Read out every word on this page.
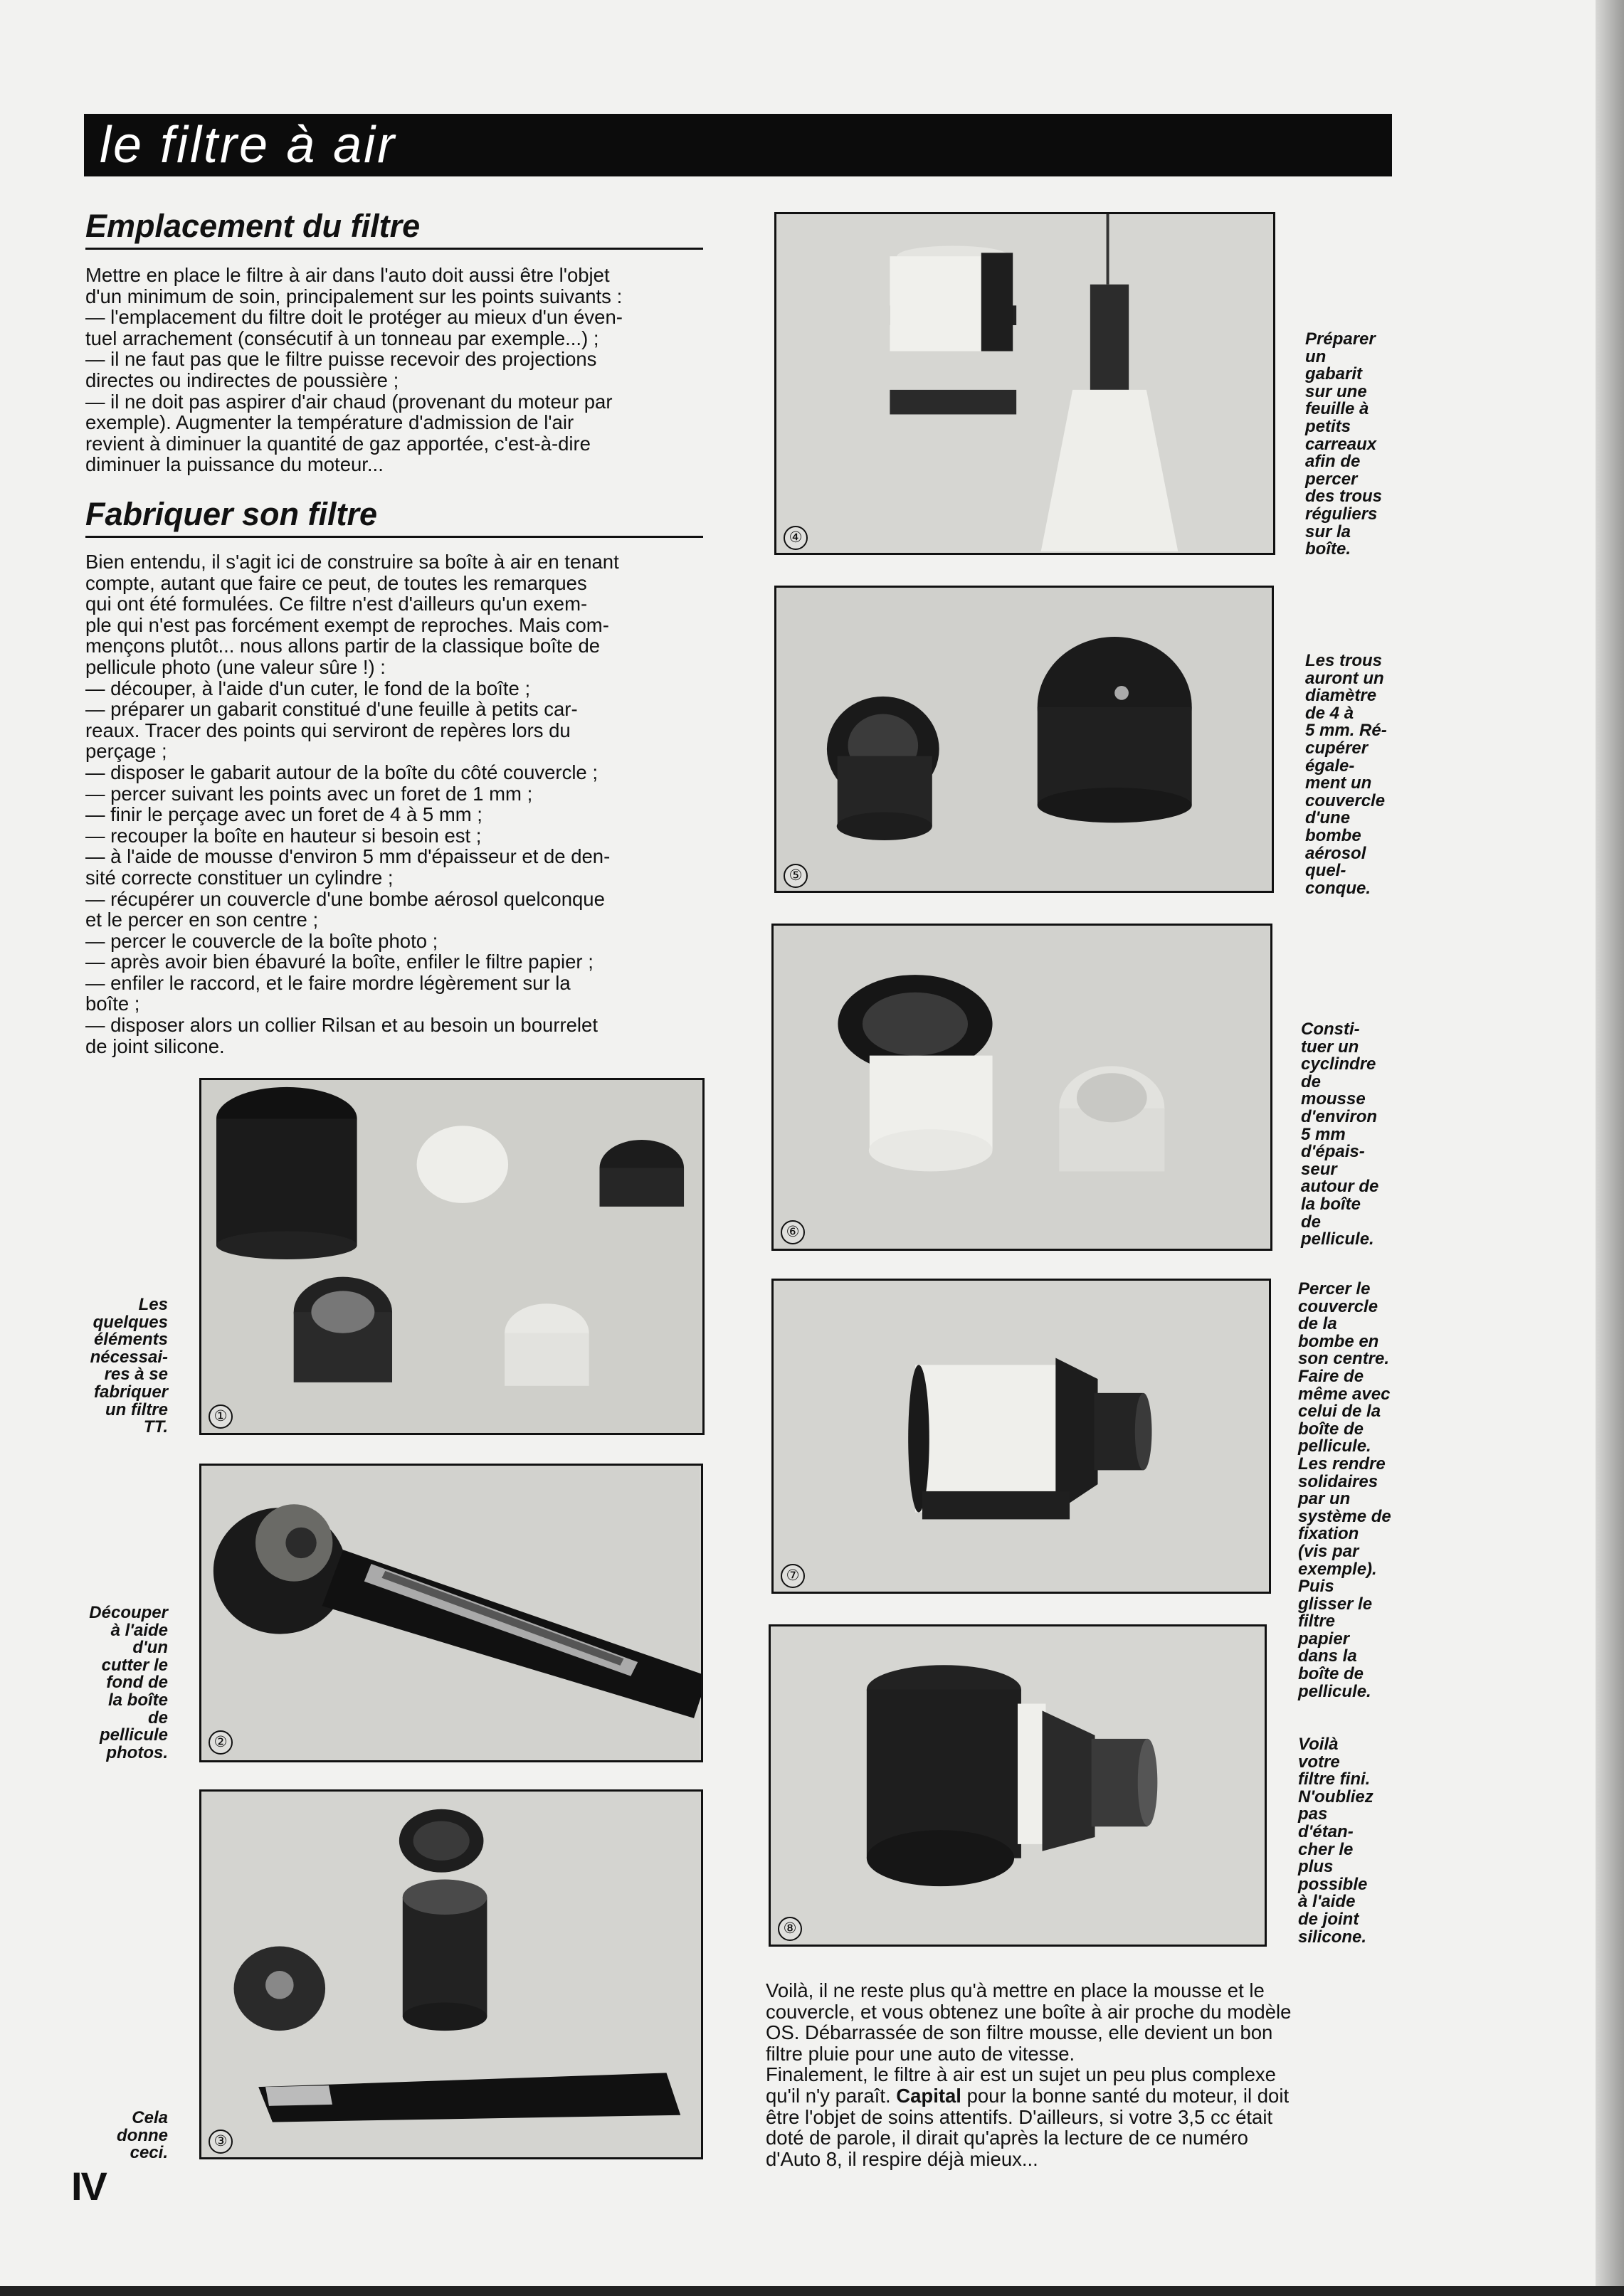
le filtre à air
Emplacement du filtre

Mettre en place le filtre à air dans l'auto doit aussi être l'objet

d'un minimum de soin, principalement sur les points suivants :

— l'emplacement du filtre doit le protéger au mieux d'un éven-

tuel arrachement (consécutif à un tonneau par exemple...) ;

— il ne faut pas que le filtre puisse recevoir des projections

directes ou indirectes de poussière ;

— il ne doit pas aspirer d'air chaud (provenant du moteur par

exemple). Augmenter la température d'admission de l'air

revient à diminuer la quantité de gaz apportée, c'est-à-dire

diminuer la puissance du moteur...

Fabriquer son filtre

Bien entendu, il s'agit ici de construire sa boîte à air en tenant

compte, autant que faire ce peut, de toutes les remarques

qui ont été formulées. Ce filtre n'est d'ailleurs qu'un exem-

ple qui n'est pas forcément exempt de reproches. Mais com-

mençons plutôt... nous allons partir de la classique boîte de

pellicule photo (une valeur sûre !) :

— découper, à l'aide d'un cuter, le fond de la boîte ;

— préparer un gabarit constitué d'une feuille à petits car-

reaux. Tracer des points qui serviront de repères lors du

perçage ;

— disposer le gabarit autour de la boîte du côté couvercle ;

— percer suivant les points avec un foret de 1 mm ;

— finir le perçage avec un foret de 4 à 5 mm ;

— recouper la boîte en hauteur si besoin est ;

— à l'aide de mousse d'environ 5 mm d'épaisseur et de den-

sité correcte constituer un cylindre ;

— récupérer un couvercle d'une bombe aérosol quelconque

et le percer en son centre ;

— percer le couvercle de la boîte photo ;

— après avoir bien ébavuré la boîte, enfiler le filtre papier ;

— enfiler le raccord, et le faire mordre légèrement sur la

boîte ;

— disposer alors un collier Rilsan et au besoin un bourrelet

de joint silicone.

①
Les
quelques
éléments
nécessai-
res à se
fabriquer
un filtre
TT.
②
Découper
à l'aide
d'un
cutter le
fond de
la boîte
de
pellicule
photos.
③
Cela
donne
ceci.
④
Préparer
un
gabarit
sur une
feuille à
petits
carreaux
afin de
percer
des trous
réguliers
sur la
boîte.
⑤
Les trous
auront un
diamètre
de 4 à
5 mm. Ré-
cupérer
égale-
ment un
couvercle
d'une
bombe
aérosol
quel-
conque.
⑥
Consti-
tuer un
cyclindre
de
mousse
d'environ
5 mm
d'épais-
seur
autour de
la boîte
de
pellicule.
⑦
Percer le
couvercle
de la
bombe en
son centre.
Faire de
même avec
celui de la
boîte de
pellicule.
Les rendre
solidaires
par un
système de
fixation
(vis par
exemple).
Puis
glisser le
filtre
papier
dans la
boîte de
pellicule.
⑧
Voilà
votre
filtre fini.
N'oubliez
pas
d'étan-
cher le
plus
possible
à l'aide
de joint
silicone.

Voilà, il ne reste plus qu'à mettre en place la mousse et le

couvercle, et vous obtenez une boîte à air proche du modèle

OS. Débarrassée de son filtre mousse, elle devient un bon

filtre pluie pour une auto de vitesse.

Finalement, le filtre à air est un sujet un peu plus complexe

qu'il n'y paraît. Capital pour la bonne santé du moteur, il doit

être l'objet de soins attentifs. D'ailleurs, si votre 3,5 cc était

doté de parole, il dirait qu'après la lecture de ce numéro

d'Auto 8, il respire déjà mieux...

IV
